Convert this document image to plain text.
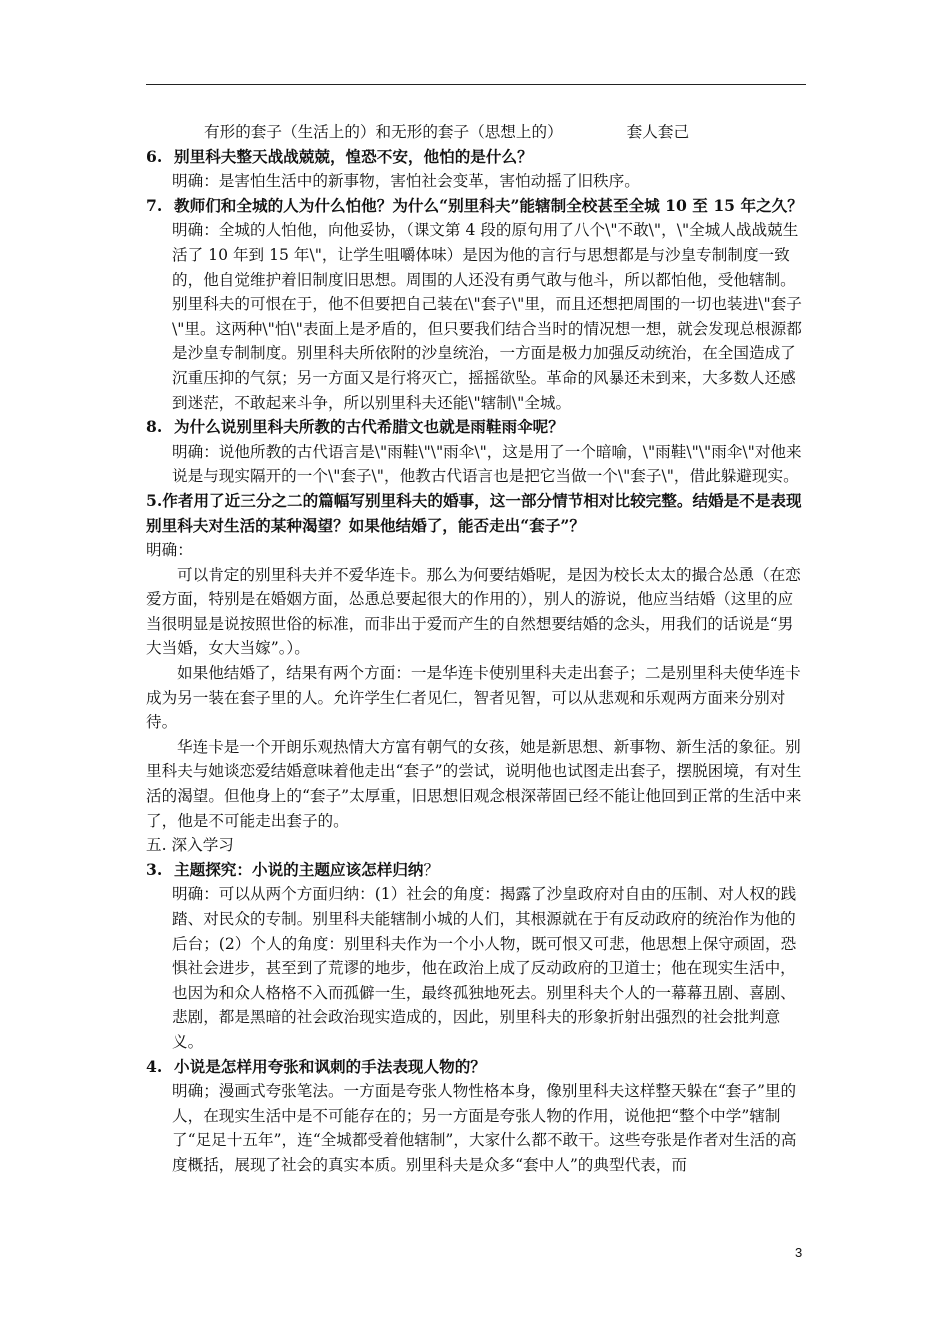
有形的套子（生活上的）和无形的套子（思想上的）	套人套己

6. 别里科夫整天战战兢兢，惶恐不安，他怕的是什么？

明确：是害怕生活中的新事物，害怕社会变革，害怕动摇了旧秩序。

7. 教师们和全城的人为什么怕他？为什么“别里科夫”能辖制全校甚至全城 10 至 15 年之久？

明确：全城的人怕他，向他妥协，（课文第 4 段的原句用了八个\"不敢\"，\"全城人战战兢生活了 10 年到 15 年\"，让学生咀嚼体味）是因为他的言行与思想都是与沙皇专制制度一致的，他自觉维护着旧制度旧思想。周围的人还没有勇气敢与他斗，所以都怕他，受他辖制。别里科夫的可恨在于，他不但要把自己装在\"套子\"里，而且还想把周围的一切也装进\"套子\"里。这两种\"怕\"表面上是矛盾的，但只要我们结合当时的情况想一想，就会发现总根源都是沙皇专制制度。别里科夫所依附的沙皇统治，一方面是极力加强反动统治，在全国造成了沉重压抑的气氛；另一方面又是行将灭亡，摇摇欲坠。革命的风暴还未到来，大多数人还感到迷茫，不敢起来斗争，所以别里科夫还能\"辖制\"全城。

8. 为什么说别里科夫所教的古代希腊文也就是雨鞋雨伞呢？

明确：说他所教的古代语言是\"雨鞋\"\"雨伞\"，这是用了一个暗喻，\"雨鞋\"\"雨伞\"对他来说是与现实隔开的一个\"套子\"，他教古代语言也是把它当做一个\"套子\"，借此躲避现实。

5.作者用了近三分之二的篇幅写别里科夫的婚事，这一部分情节相对比较完整。结婚是不是表现别里科夫对生活的某种渴望？如果他结婚了，能否走出“套子”？

明确：

可以肯定的别里科夫并不爱华连卡。那么为何要结婚呢，是因为校长太太的撮合怂恿（在恋爱方面，特别是在婚姻方面，怂恿总要起很大的作用的），别人的游说，他应当结婚（这里的应当很明显是说按照世俗的标准，而非出于爱而产生的自然想要结婚的念头，用我们的话说是“男大当婚，女大当嫁”。）。

如果他结婚了，结果有两个方面：一是华连卡使别里科夫走出套子；二是别里科夫使华连卡成为另一装在套子里的人。允许学生仁者见仁，智者见智，可以从悲观和乐观两方面来分别对待。

华连卡是一个开朗乐观热情大方富有朝气的女孩，她是新思想、新事物、新生活的象征。别里科夫与她谈恋爱结婚意味着他走出“套子”的尝试，说明他也试图走出套子，摆脱困境，有对生活的渴望。但他身上的“套子”太厚重，旧思想旧观念根深蒂固已经不能让他回到正常的生活中来了，他是不可能走出套子的。

五. 深入学习

3. 主题探究：小说的主题应该怎样归纳？

明确：可以从两个方面归纳：(1）社会的角度：揭露了沙皇政府对自由的压制、对人权的践踏、对民众的专制。别里科夫能辖制小城的人们，其根源就在于有反动政府的统治作为他的后台；(2）个人的角度：别里科夫作为一个小人物，既可恨又可悲，他思想上保守顽固，恐惧社会进步，甚至到了荒谬的地步，他在政治上成了反动政府的卫道士；他在现实生活中，也因为和众人格格不入而孤僻一生，最终孤独地死去。别里科夫个人的一幕幕丑剧、喜剧、悲剧，都是黑暗的社会政治现实造成的，因此，别里科夫的形象折射出强烈的社会批判意义。

4. 小说是怎样用夸张和讽刺的手法表现人物的？

明确；漫画式夸张笔法。一方面是夸张人物性格本身，像别里科夫这样整天躲在“套子”里的人，在现实生活中是不可能存在的；另一方面是夸张人物的作用，说他把“整个中学”辖制了“足足十五年”，连“全城都受着他辖制”，大家什么都不敢干。这些夸张是作者对生活的高度概括，展现了社会的真实本质。别里科夫是众多“套中人”的典型代表，而

3
